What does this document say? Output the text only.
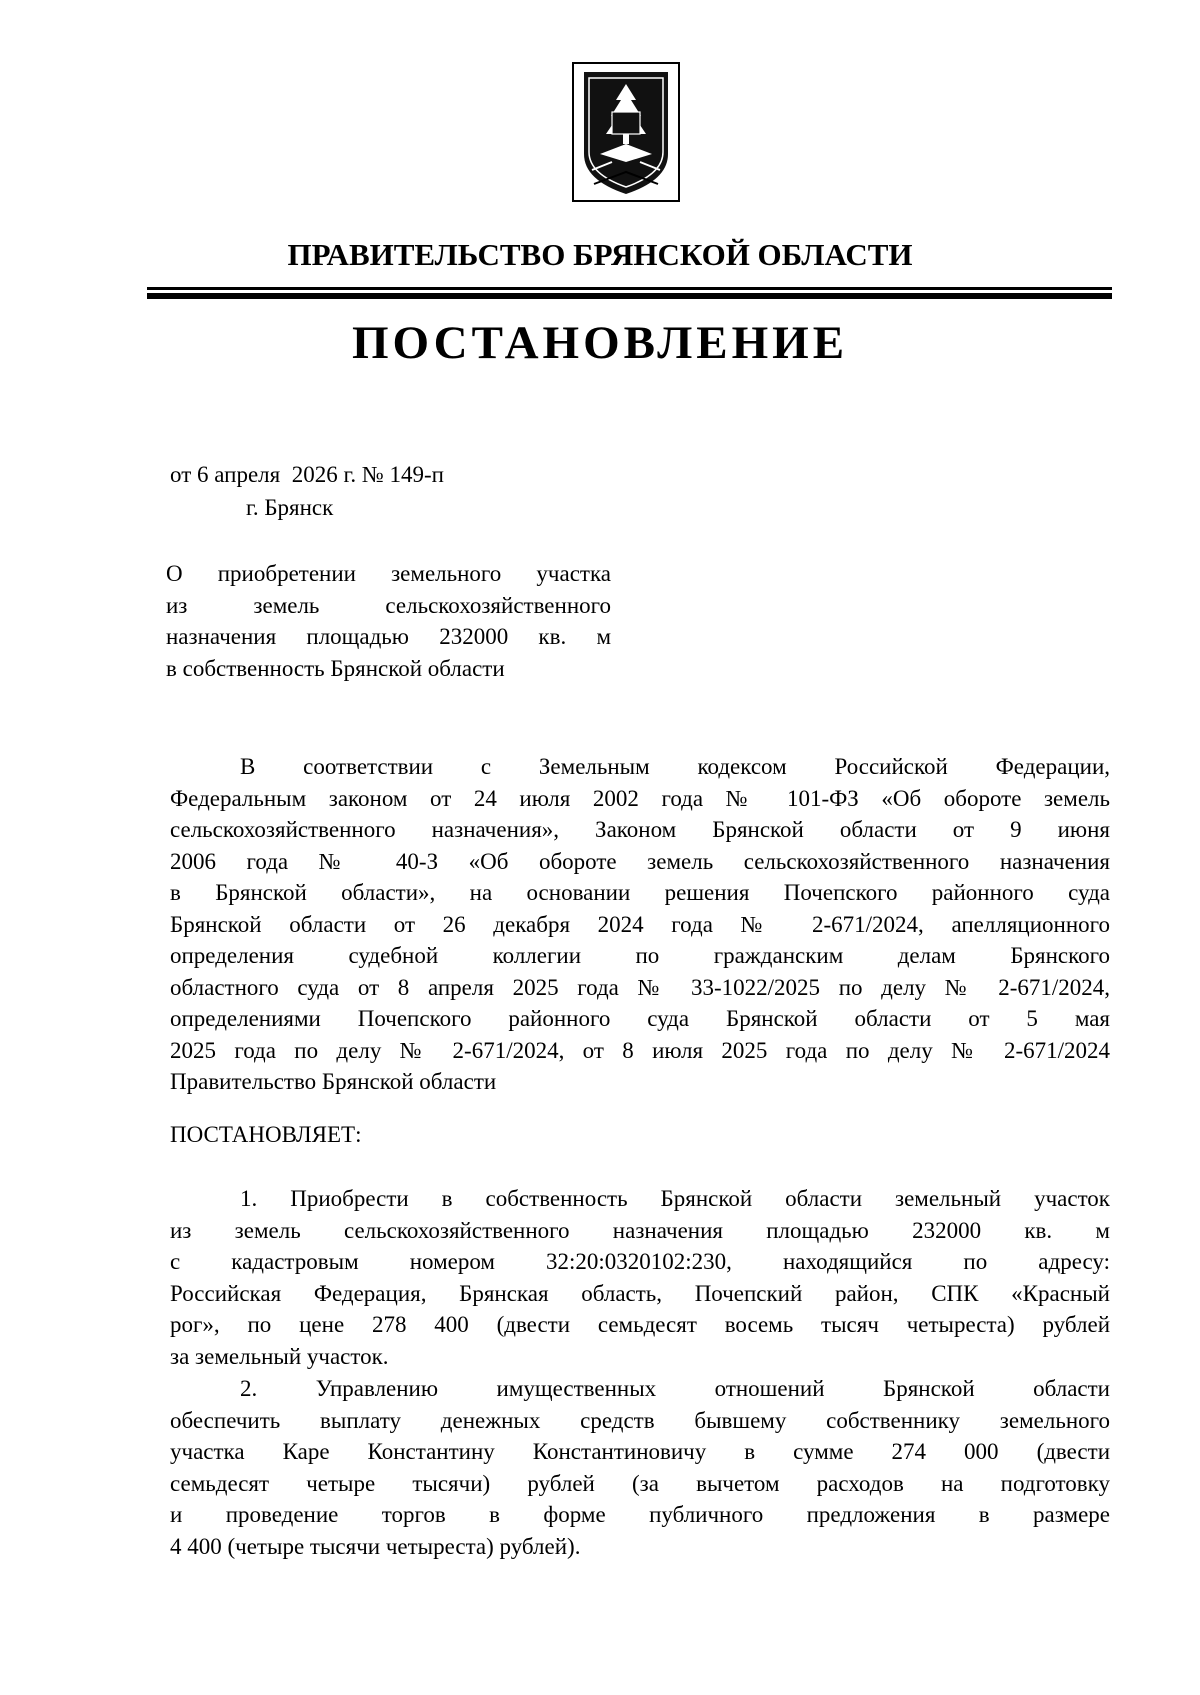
ПРАВИТЕЛЬСТВО БРЯНСКОЙ ОБЛАСТИ
ПОСТАНОВЛЕНИЕ
от 6 апреля  2026 г. № 149-п
г. Брянск
О приобретении земельного участка
из земель сельскохозяйственного
назначения площадью 232000 кв. м
в собственность Брянской области
В соответствии с Земельным кодексом Российской Федерации,
Федеральным законом от 24 июля 2002 года № 101-ФЗ «Об обороте земель
сельскохозяйственного назначения», Законом Брянской области от 9 июня
2006 года № 40-З «Об обороте земель сельскохозяйственного назначения
в Брянской области», на основании решения Почепского районного суда
Брянской области от 26 декабря 2024 года № 2-671/2024, апелляционного
определения судебной коллегии по гражданским делам Брянского
областного суда от 8 апреля 2025 года № 33-1022/2025 по делу № 2-671/2024,
определениями Почепского районного суда Брянской области от 5 мая
2025 года по делу № 2-671/2024, от 8 июля 2025 года по делу № 2-671/2024
Правительство Брянской области
ПОСТАНОВЛЯЕТ:
1. Приобрести в собственность Брянской области земельный участок
из земель сельскохозяйственного назначения площадью 232000 кв. м
с кадастровым номером 32:20:0320102:230, находящийся по адресу:
Российская Федерация, Брянская область, Почепский район, СПК «Красный
рог», по цене 278 400 (двести семьдесят восемь тысяч четыреста) рублей
за земельный участок.
2. Управлению имущественных отношений Брянской области
обеспечить выплату денежных средств бывшему собственнику земельного
участка Каре Константину Константиновичу в сумме 274 000 (двести
семьдесят четыре тысячи) рублей (за вычетом расходов на подготовку
и проведение торгов в форме публичного предложения в размере
4 400 (четыре тысячи четыреста) рублей).
